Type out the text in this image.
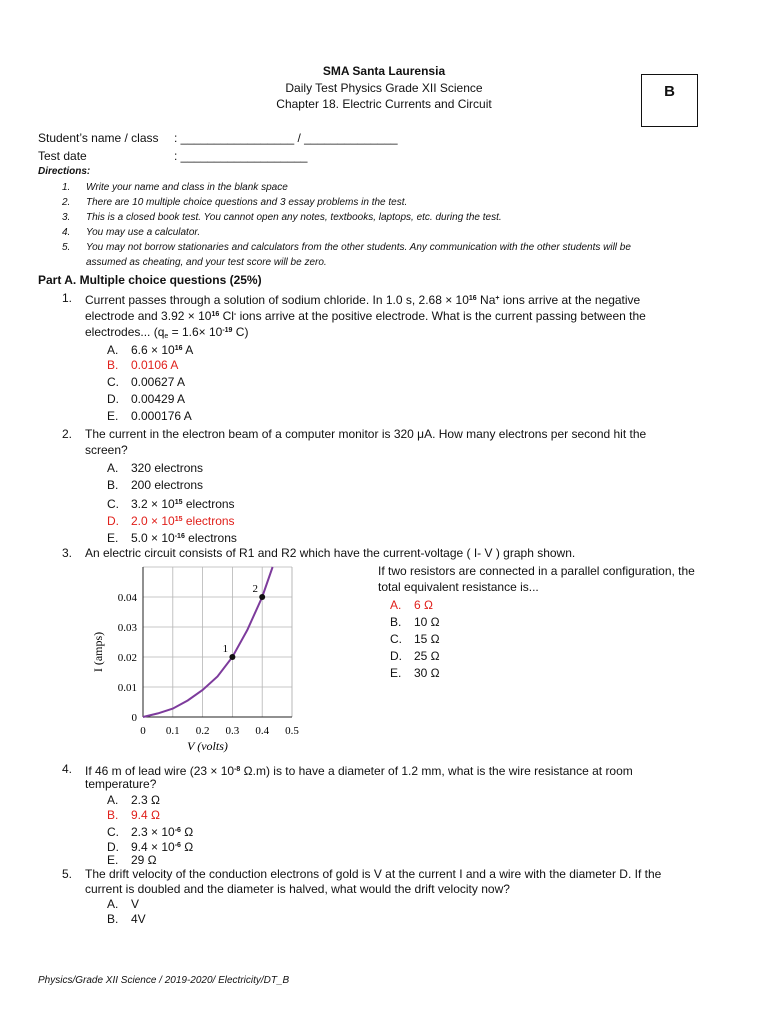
SMA Santa Laurensia
Daily Test Physics Grade XII Science
Chapter 18. Electric Currents and Circuit
B
Student’s name / class : _________________ / ______________
Test date	: ___________________
Directions:
1. Write your name and class in the blank space
2. There are 10 multiple choice questions and 3 essay problems in the test.
3. This is a closed book test. You cannot open any notes, textbooks, laptops, etc. during the test.
4. You may use a calculator.
5. You may not borrow stationaries and calculators from the other students. Any communication with the other students will be
assumed as cheating, and your test score will be zero.
Part A. Multiple choice questions (25%)
1. Current passes through a solution of sodium chloride. In 1.0 s, $2.68 \times 10^{16}$ Na+ ions arrive at the negative
electrode and $3.92 \times 10^{16}$ Cl- ions arrive at the positive electrode. What is the current passing between the
electrodes... ($q_e = 1.6\times 10^{-19}$ C)
A. $6.6 \times 10^{16}$ A
B. 0.0106 A
C. 0.00627 A
D. 0.00429 A
E. 0.000176 A
2. The current in the electron beam of a computer monitor is 320 μA. How many electrons per second hit the
screen?
A. 320 electrons
B. 200 electrons
C. $3.2 \times 10^{15}$ electrons
D. $2.0 \times 10^{15}$ electrons
E. $5.0 \times 10^{-16}$ electrons
3. An electric circuit consists of R1 and R2 which have the current-voltage ( I- V ) graph shown.
If two resistors are connected in a parallel configuration, the
total equivalent resistance is...
A. 6 Ω
B. 10 Ω
C. 15 Ω
D. 25 Ω
E. 30 Ω
0 0.1 0.2 0.3 0.4 0.5
0
0.01
0.02
0.03
0.04
1
2
V (volts)
I (amps)
4. If 46 m of lead wire ($23 \times 10^{-8}$ Ω.m) is to have a diameter of 1.2 mm, what is the wire resistance at room
temperature?
A. 2.3 Ω
B. 9.4 Ω
C. $2.3 \times 10^{-6}$ Ω
D. $9.4 \times 10^{-6}$ Ω
E. 29 Ω
5. The drift velocity of the conduction electrons of gold is V at the current I and a wire with the diameter D. If the
current is doubled and the diameter is halved, what would the drift velocity now?
A. V
B. 4V
Physics/Grade XII Science / 2019-2020/ Electricity/DT_B
